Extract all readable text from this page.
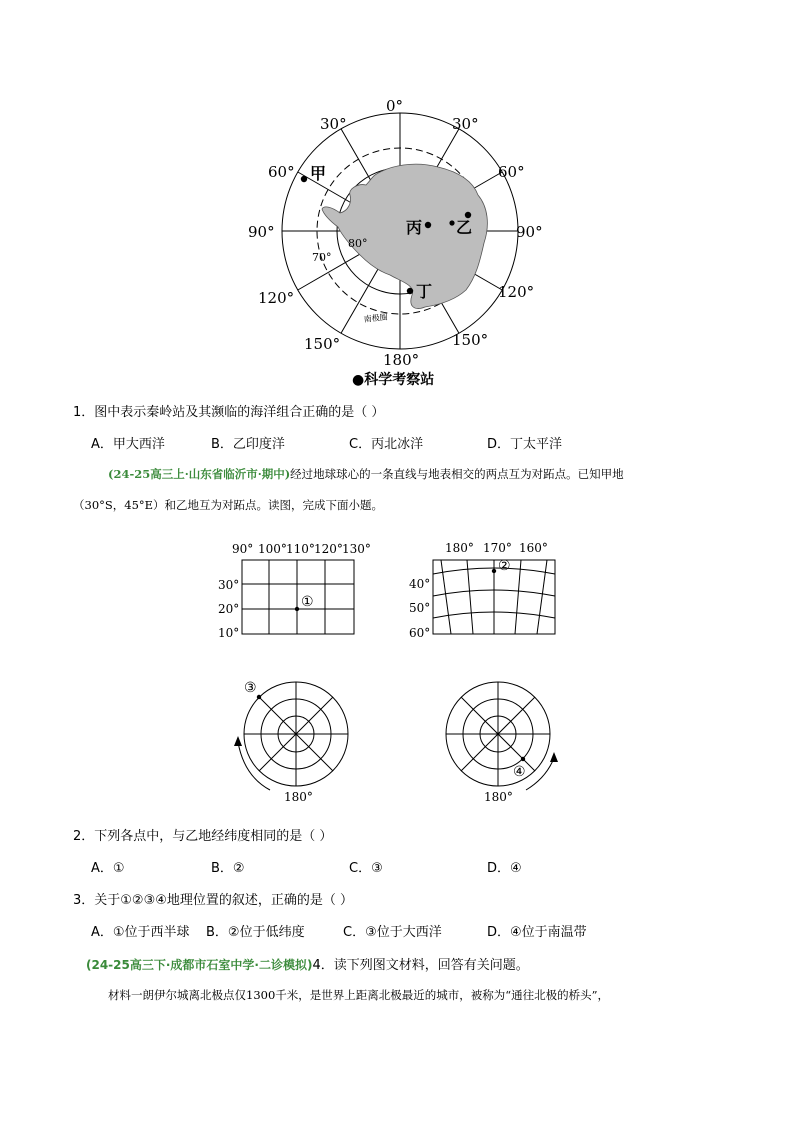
0°
30°	30°
60°	60°
90°	90°
120°	120°
150°	150°
180°
80°
70°
南极圈
甲
乙
丙
丁
●科学考察站
1．图中表示秦岭站及其濒临的海洋组合正确的是（ ）
A．甲大西洋	B．乙印度洋	C．丙北冰洋	D．丁太平洋
(24-25高三上·山东省临沂市·期中)经过地球球心的一条直线与地表相交的两点互为对跖点。已知甲地
（30°S，45°E）和乙地互为对跖点。读图，完成下面小题。
90° 100° 110° 120° 130°
30°
20°
10°
①
180° 170° 160°
40°
50°
60°
②
③
180°
④
180°
2．下列各点中，与乙地经纬度相同的是（ ）
A．①	B．②	C．③	D．④
3．关于①②③④地理位置的叙述，正确的是（ ）
A．①位于西半球 B．②位于低纬度	C．③位于大西洋	D．④位于南温带
(24-25高三下·成都市石室中学·二诊模拟)4．读下列图文材料，回答有关问题。
材料一朗伊尔城离北极点仅1300千米，是世界上距离北极最近的城市，被称为“通往北极的桥头”，
